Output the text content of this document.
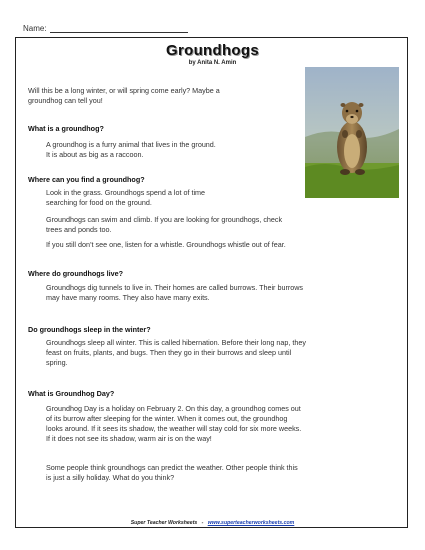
Name:
Groundhogs
by Anita N. Amin
Will this be a long winter, or will spring come early? Maybe a
groundhog can tell you!
What is a groundhog?
A groundhog is a furry animal that lives in the ground.
It is about as big as a raccoon.
Where can you find a groundhog?
Look in the grass. Groundhogs spend a lot of time
searching for food on the ground.
Groundhogs can swim and climb. If you are looking for groundhogs, check
trees and ponds too.
If you still don’t see one, listen for a whistle. Groundhogs whistle out of fear.
Where do groundhogs live?
Groundhogs dig tunnels to live in. Their homes are called burrows. Their burrows
may have many rooms. They also have many exits.
Do groundhogs sleep in the winter?
Groundhogs sleep all winter. This is called hibernation. Before their long nap, they
feast on fruits, plants, and bugs. Then they go in their burrows and sleep until
spring.
What is Groundhog Day?
Groundhog Day is a holiday on February 2. On this day, a groundhog comes out
of its burrow after sleeping for the winter. When it comes out, the groundhog
looks around. If it sees its shadow, the weather will stay cold for six more weeks.
If it does not see its shadow, warm air is on the way!
Some people think groundhogs can predict the weather. Other people think this
is just a silly holiday. What do you think?
Super Teacher Worksheets - www.superteacherworksheets.com
